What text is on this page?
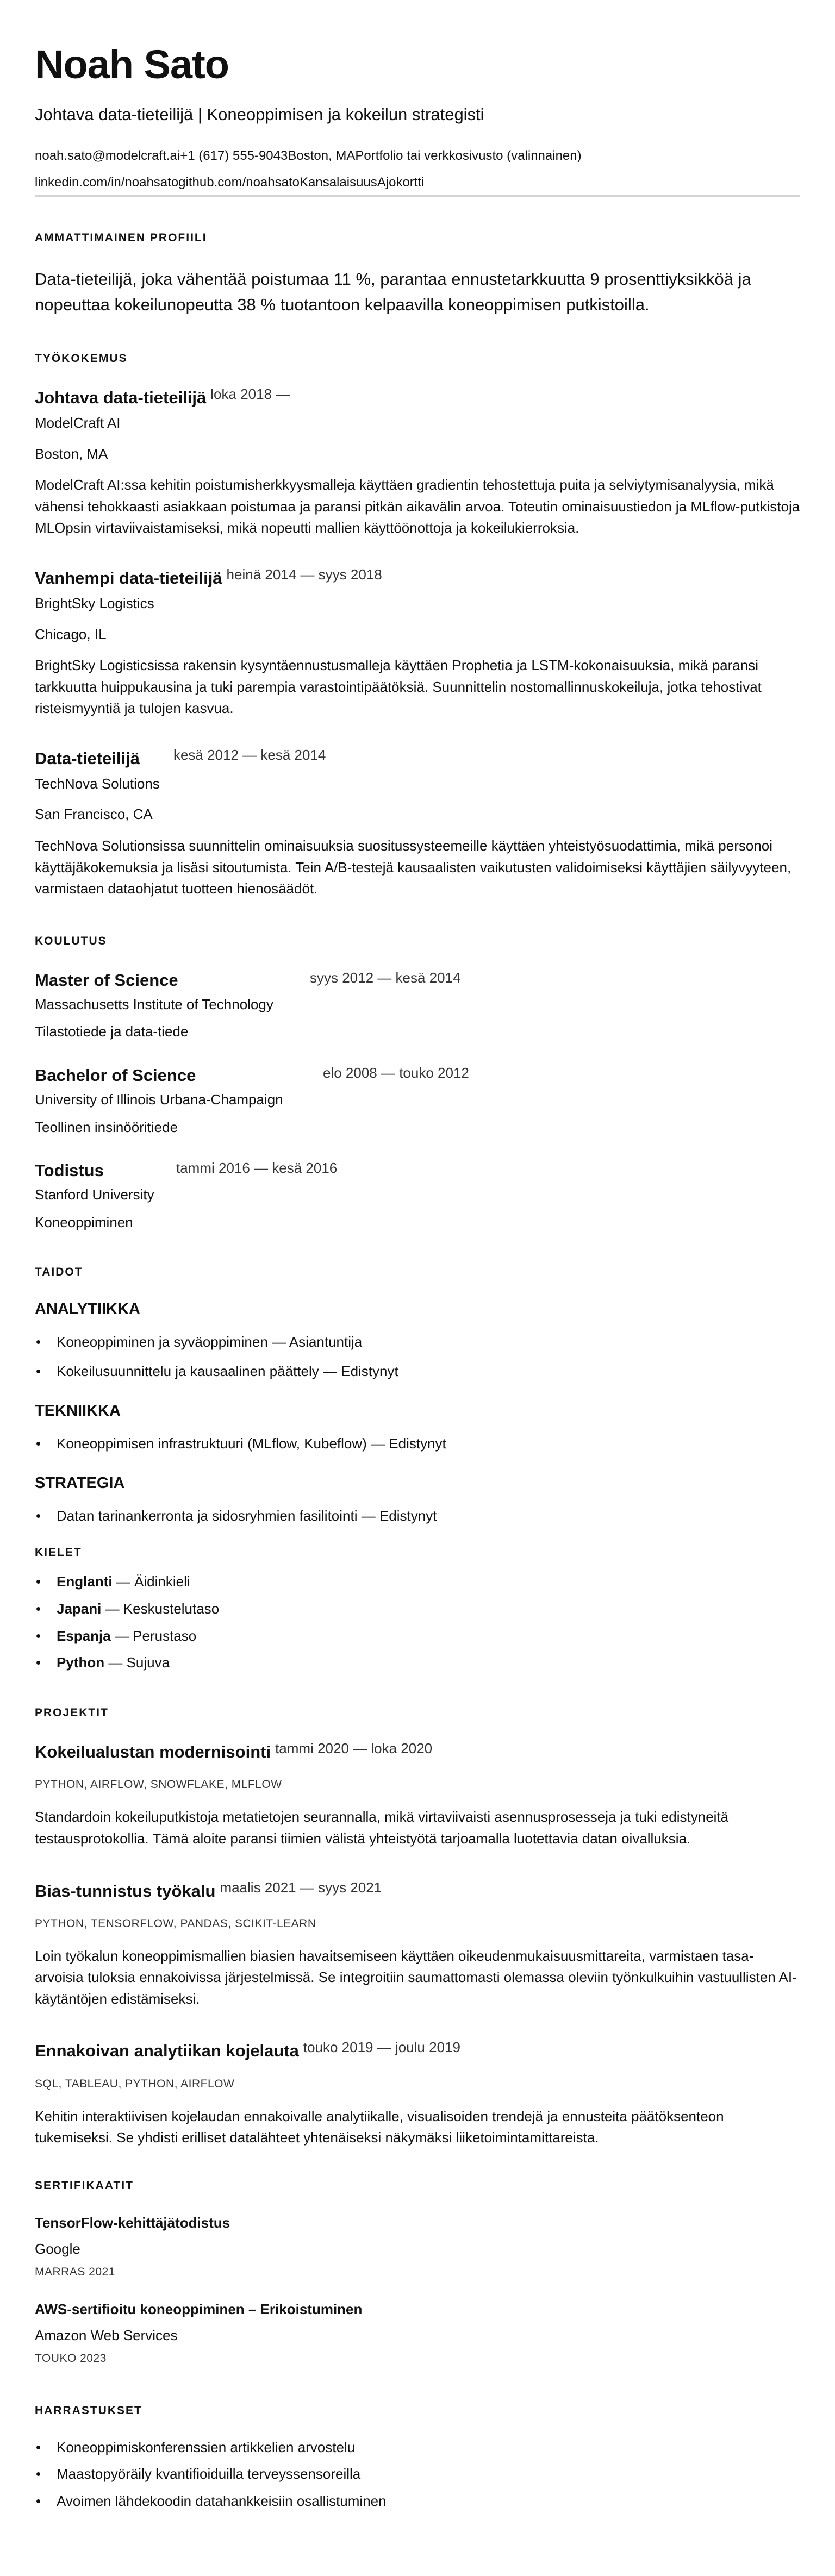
Noah Sato
Johtava data-tieteilijä | Koneoppimisen ja kokeilun strategisti
noah.sato@modelcraft.ai +1 (617) 555-9043 Boston, MA Portfolio tai verkkosivusto (valinnainen)
linkedin.com/in/noahsato github.com/noahsato Kansalaisuus Ajokortti
AMMATTIMAINEN PROFIILI

Data-tieteilijä, joka vähentää poistumaa 11 %, parantaa ennustetarkkuutta 9 prosenttiyksikköä ja nopeuttaa kokeilunopeutta 38 % tuotantoon kelpaavilla koneoppimisen putkistoilla.

TYÖKOKEMUS
Johtava data-tieteilijä loka 2018 —
ModelCraft AI
Boston, MA
ModelCraft AI:ssa kehitin poistumisherkkyysmalleja käyttäen gradientin tehostettuja puita ja selviytymisanalyysia, mikä vähensi tehokkaasti asiakkaan poistumaa ja paransi pitkän aikavälin arvoa. Toteutin ominaisuustiedon ja MLflow-putkistoja MLOpsin virtaviivaistamiseksi, mikä nopeutti mallien käyttöönottoja ja kokeilukierroksia.
Vanhempi data-tieteilijä heinä 2014 — syys 2018
BrightSky Logistics
Chicago, IL
BrightSky Logisticsissa rakensin kysyntäennustusmalleja käyttäen Prophetia ja LSTM-kokonaisuuksia, mikä paransi tarkkuutta huippukausina ja tuki parempia varastointipäätöksiä. Suunnittelin nostomallinnuskokeiluja, jotka tehostivat risteismyyntiä ja tulojen kasvua.
Data-tieteilijä kesä 2012 — kesä 2014
TechNova Solutions
San Francisco, CA
TechNova Solutionsissa suunnittelin ominaisuuksia suositussysteemeille käyttäen yhteistyösuodattimia, mikä personoi käyttäjäkokemuksia ja lisäsi sitoutumista. Tein A/B-testejä kausaalisten vaikutusten validoimiseksi käyttäjien säilyvyyteen, varmistaen dataohjatut tuotteen hienosäädöt.
KOULUTUS
Master of Science	syys 2012 — kesä 2014
Massachusetts Institute of Technology
Tilastotiede ja data-tiede
Bachelor of Science	elo 2008 — touko 2012
University of Illinois Urbana-Champaign
Teollinen insinööritiede
Todistus	tammi 2016 — kesä 2016
Stanford University
Koneoppiminen
TAIDOT
ANALYTIIKKA
• Koneoppiminen ja syväoppiminen — Asiantuntija
• Kokeilusuunnittelu ja kausaalinen päättely — Edistynyt
TEKNIIKKA
• Koneoppimisen infrastruktuuri (MLflow, Kubeflow) — Edistynyt
STRATEGIA
• Datan tarinankerronta ja sidosryhmien fasilitointi — Edistynyt
KIELET
• Englanti — Äidinkieli
• Japani — Keskustelutaso
• Espanja — Perustaso
• Python — Sujuva
PROJEKTIT
Kokeilualustan modernisointi tammi 2020 — loka 2020
PYTHON, AIRFLOW, SNOWFLAKE, MLFLOW
Standardoin kokeiluputkistoja metatietojen seurannalla, mikä virtaviivaisti asennusprosesseja ja tuki edistyneitä testausprotokollia. Tämä aloite paransi tiimien välistä yhteistyötä tarjoamalla luotettavia datan oivalluksia.
Bias-tunnistus työkalu maalis 2021 — syys 2021
PYTHON, TENSORFLOW, PANDAS, SCIKIT-LEARN
Loin työkalun koneoppimismallien biasien havaitsemiseen käyttäen oikeudenmukaisuusmittareita, varmistaen tasa-arvoisia tuloksia ennakoivissa järjestelmissä. Se integroitiin saumattomasti olemassa oleviin työnkulkuihin vastuullisten AI-käytäntöjen edistämiseksi.
Ennakoivan analytiikan kojelauta touko 2019 — joulu 2019
SQL, TABLEAU, PYTHON, AIRFLOW
Kehitin interaktiivisen kojelaudan ennakoivalle analytiikalle, visualisoiden trendejä ja ennusteita päätöksenteon tukemiseksi. Se yhdisti erilliset datalähteet yhtenäiseksi näkymäksi liiketoimintamittareista.
SERTIFIKAATIT
TensorFlow-kehittäjätodistus
Google
MARRAS 2021
AWS-sertifioitu koneoppiminen – Erikoistuminen
Amazon Web Services
TOUKO 2023
HARRASTUKSET
• Koneoppimiskonferenssien artikkelien arvostelu
• Maastopyöräily kvantifioiduilla terveyssensoreilla
• Avoimen lähdekoodin datahankkeisiin osallistuminen
